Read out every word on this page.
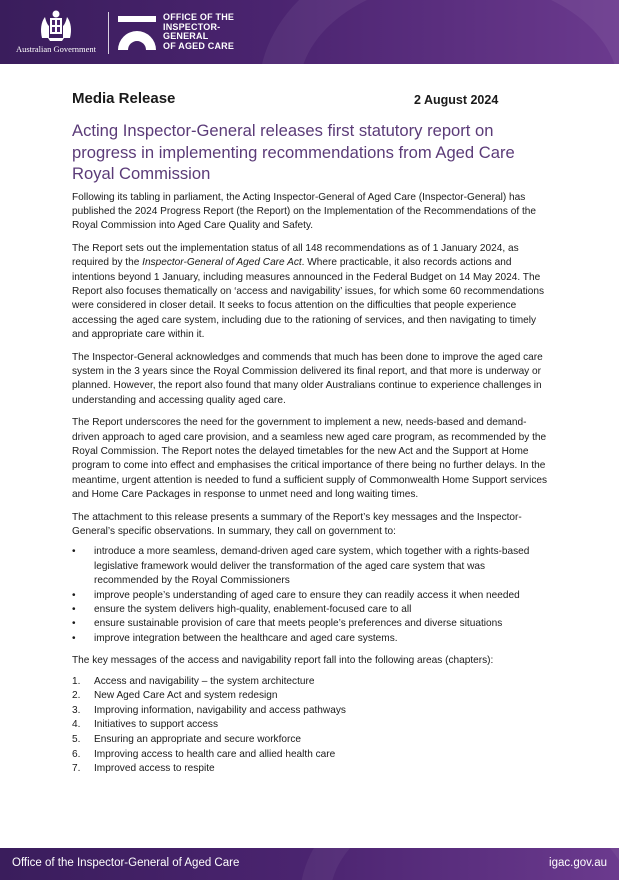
Australian Government
OFFICE OF THE
INSPECTOR-
GENERAL
OF AGED CARE
Media Release	2 August 2024
Acting Inspector-General releases first statutory report on progress in implementing recommendations from Aged Care Royal Commission

Following its tabling in parliament, the Acting Inspector-General of Aged Care (Inspector-General) has published the 2024 Progress Report (the Report) on the Implementation of the Recommendations of the Royal Commission into Aged Care Quality and Safety.

The Report sets out the implementation status of all 148 recommendations as of 1 January 2024, as required by the Inspector-General of Aged Care Act. Where practicable, it also records actions and intentions beyond 1 January, including measures announced in the Federal Budget on 14 May 2024. The Report also focuses thematically on ‘access and navigability’ issues, for which some 60 recommendations were considered in closer detail. It seeks to focus attention on the difficulties that people experience accessing the aged care system, including due to the rationing of services, and then navigating to timely and appropriate care within it.

The Inspector-General acknowledges and commends that much has been done to improve the aged care system in the 3 years since the Royal Commission delivered its final report, and that more is underway or planned. However, the report also found that many older Australians continue to experience challenges in understanding and accessing quality aged care.

The Report underscores the need for the government to implement a new, needs-based and demand-driven approach to aged care provision, and a seamless new aged care program, as recommended by the Royal Commission. The Report notes the delayed timetables for the new Act and the Support at Home program to come into effect and emphasises the critical importance of there being no further delays. In the meantime, urgent attention is needed to fund a sufficient supply of Commonwealth Home Support services and Home Care Packages in response to unmet need and long waiting times.

The attachment to this release presents a summary of the Report’s key messages and the Inspector-General’s specific observations. In summary, they call on government to:

• introduce a more seamless, demand-driven aged care system, which together with a rights-based legislative framework would deliver the transformation of the aged care system that was recommended by the Royal Commissioners
• improve people’s understanding of aged care to ensure they can readily access it when needed
• ensure the system delivers high-quality, enablement-focused care to all
• ensure sustainable provision of care that meets people’s preferences and diverse situations
• improve integration between the healthcare and aged care systems.

The key messages of the access and navigability report fall into the following areas (chapters):

1. Access and navigability – the system architecture
2. New Aged Care Act and system redesign
3. Improving information, navigability and access pathways
4. Initiatives to support access
5. Ensuring an appropriate and secure workforce
6. Improving access to health care and allied health care
7. Improved access to respite
Office of the Inspector-General of Aged Care	igac.gov.au
